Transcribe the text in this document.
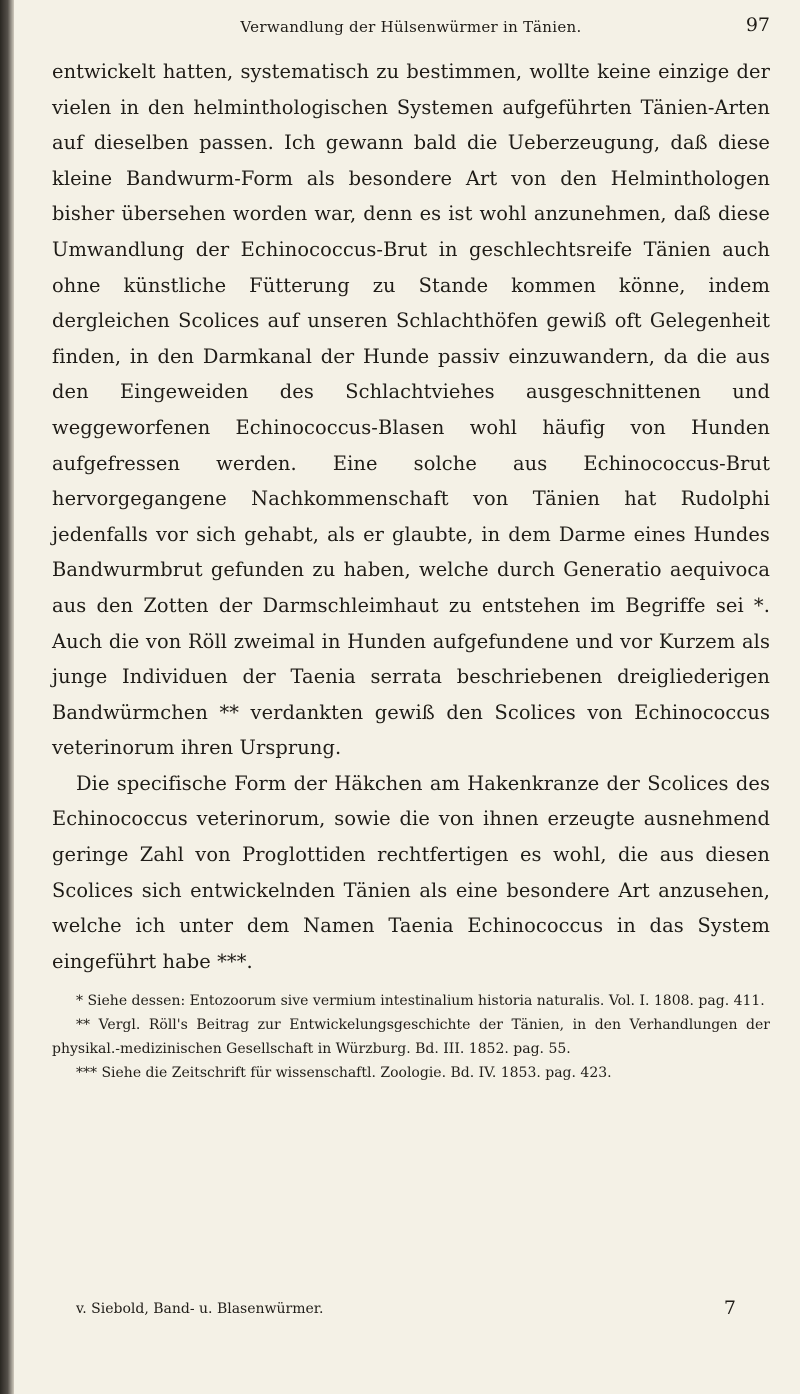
Verwandlung der Hülsenwürmer in Tänien.	97

entwickelt hatten, systematisch zu bestimmen, wollte keine einzige der vielen in den helminthologischen Systemen aufgeführten Tänien-Arten auf dieselben passen. Ich gewann bald die Ueberzeugung, daß diese kleine Bandwurm-Form als besondere Art von den Helminthologen bisher übersehen worden war, denn es ist wohl anzunehmen, daß diese Umwandlung der Echinococcus-Brut in geschlechtsreife Tänien auch ohne künstliche Fütterung zu Stande kommen könne, indem dergleichen Scolices auf unseren Schlachthöfen gewiß oft Gelegenheit finden, in den Darmkanal der Hunde passiv einzuwandern, da die aus den Eingeweiden des Schlachtviehes ausgeschnittenen und weggeworfenen Echinococcus-Blasen wohl häufig von Hunden aufgefressen werden. Eine solche aus Echinococcus-Brut hervorgegangene Nachkommenschaft von Tänien hat Rudolphi jedenfalls vor sich gehabt, als er glaubte, in dem Darme eines Hundes Bandwurmbrut gefunden zu haben, welche durch Generatio aequivoca aus den Zotten der Darmschleimhaut zu entstehen im Begriffe sei *. Auch die von Röll zweimal in Hunden aufgefundene und vor Kurzem als junge Individuen der Taenia serrata beschriebenen dreigliederigen Bandwürmchen ** verdankten gewiß den Scolices von Echinococcus veterinorum ihren Ursprung.

Die specifische Form der Häkchen am Hakenkranze der Scolices des Echinococcus veterinorum, sowie die von ihnen erzeugte ausnehmend geringe Zahl von Proglottiden rechtfertigen es wohl, die aus diesen Scolices sich entwickelnden Tänien als eine besondere Art anzusehen, welche ich unter dem Namen Taenia Echinococcus in das System eingeführt habe ***.

* Siehe dessen: Entozoorum sive vermium intestinalium historia naturalis. Vol. I. 1808. pag. 411.

** Vergl. Röll's Beitrag zur Entwickelungsgeschichte der Tänien, in den Verhandlungen der physikal.-medizinischen Gesellschaft in Würzburg. Bd. III. 1852. pag. 55.

*** Siehe die Zeitschrift für wissenschaftl. Zoologie. Bd. IV. 1853. pag. 423.

v. Siebold, Band- u. Blasenwürmer.	7
